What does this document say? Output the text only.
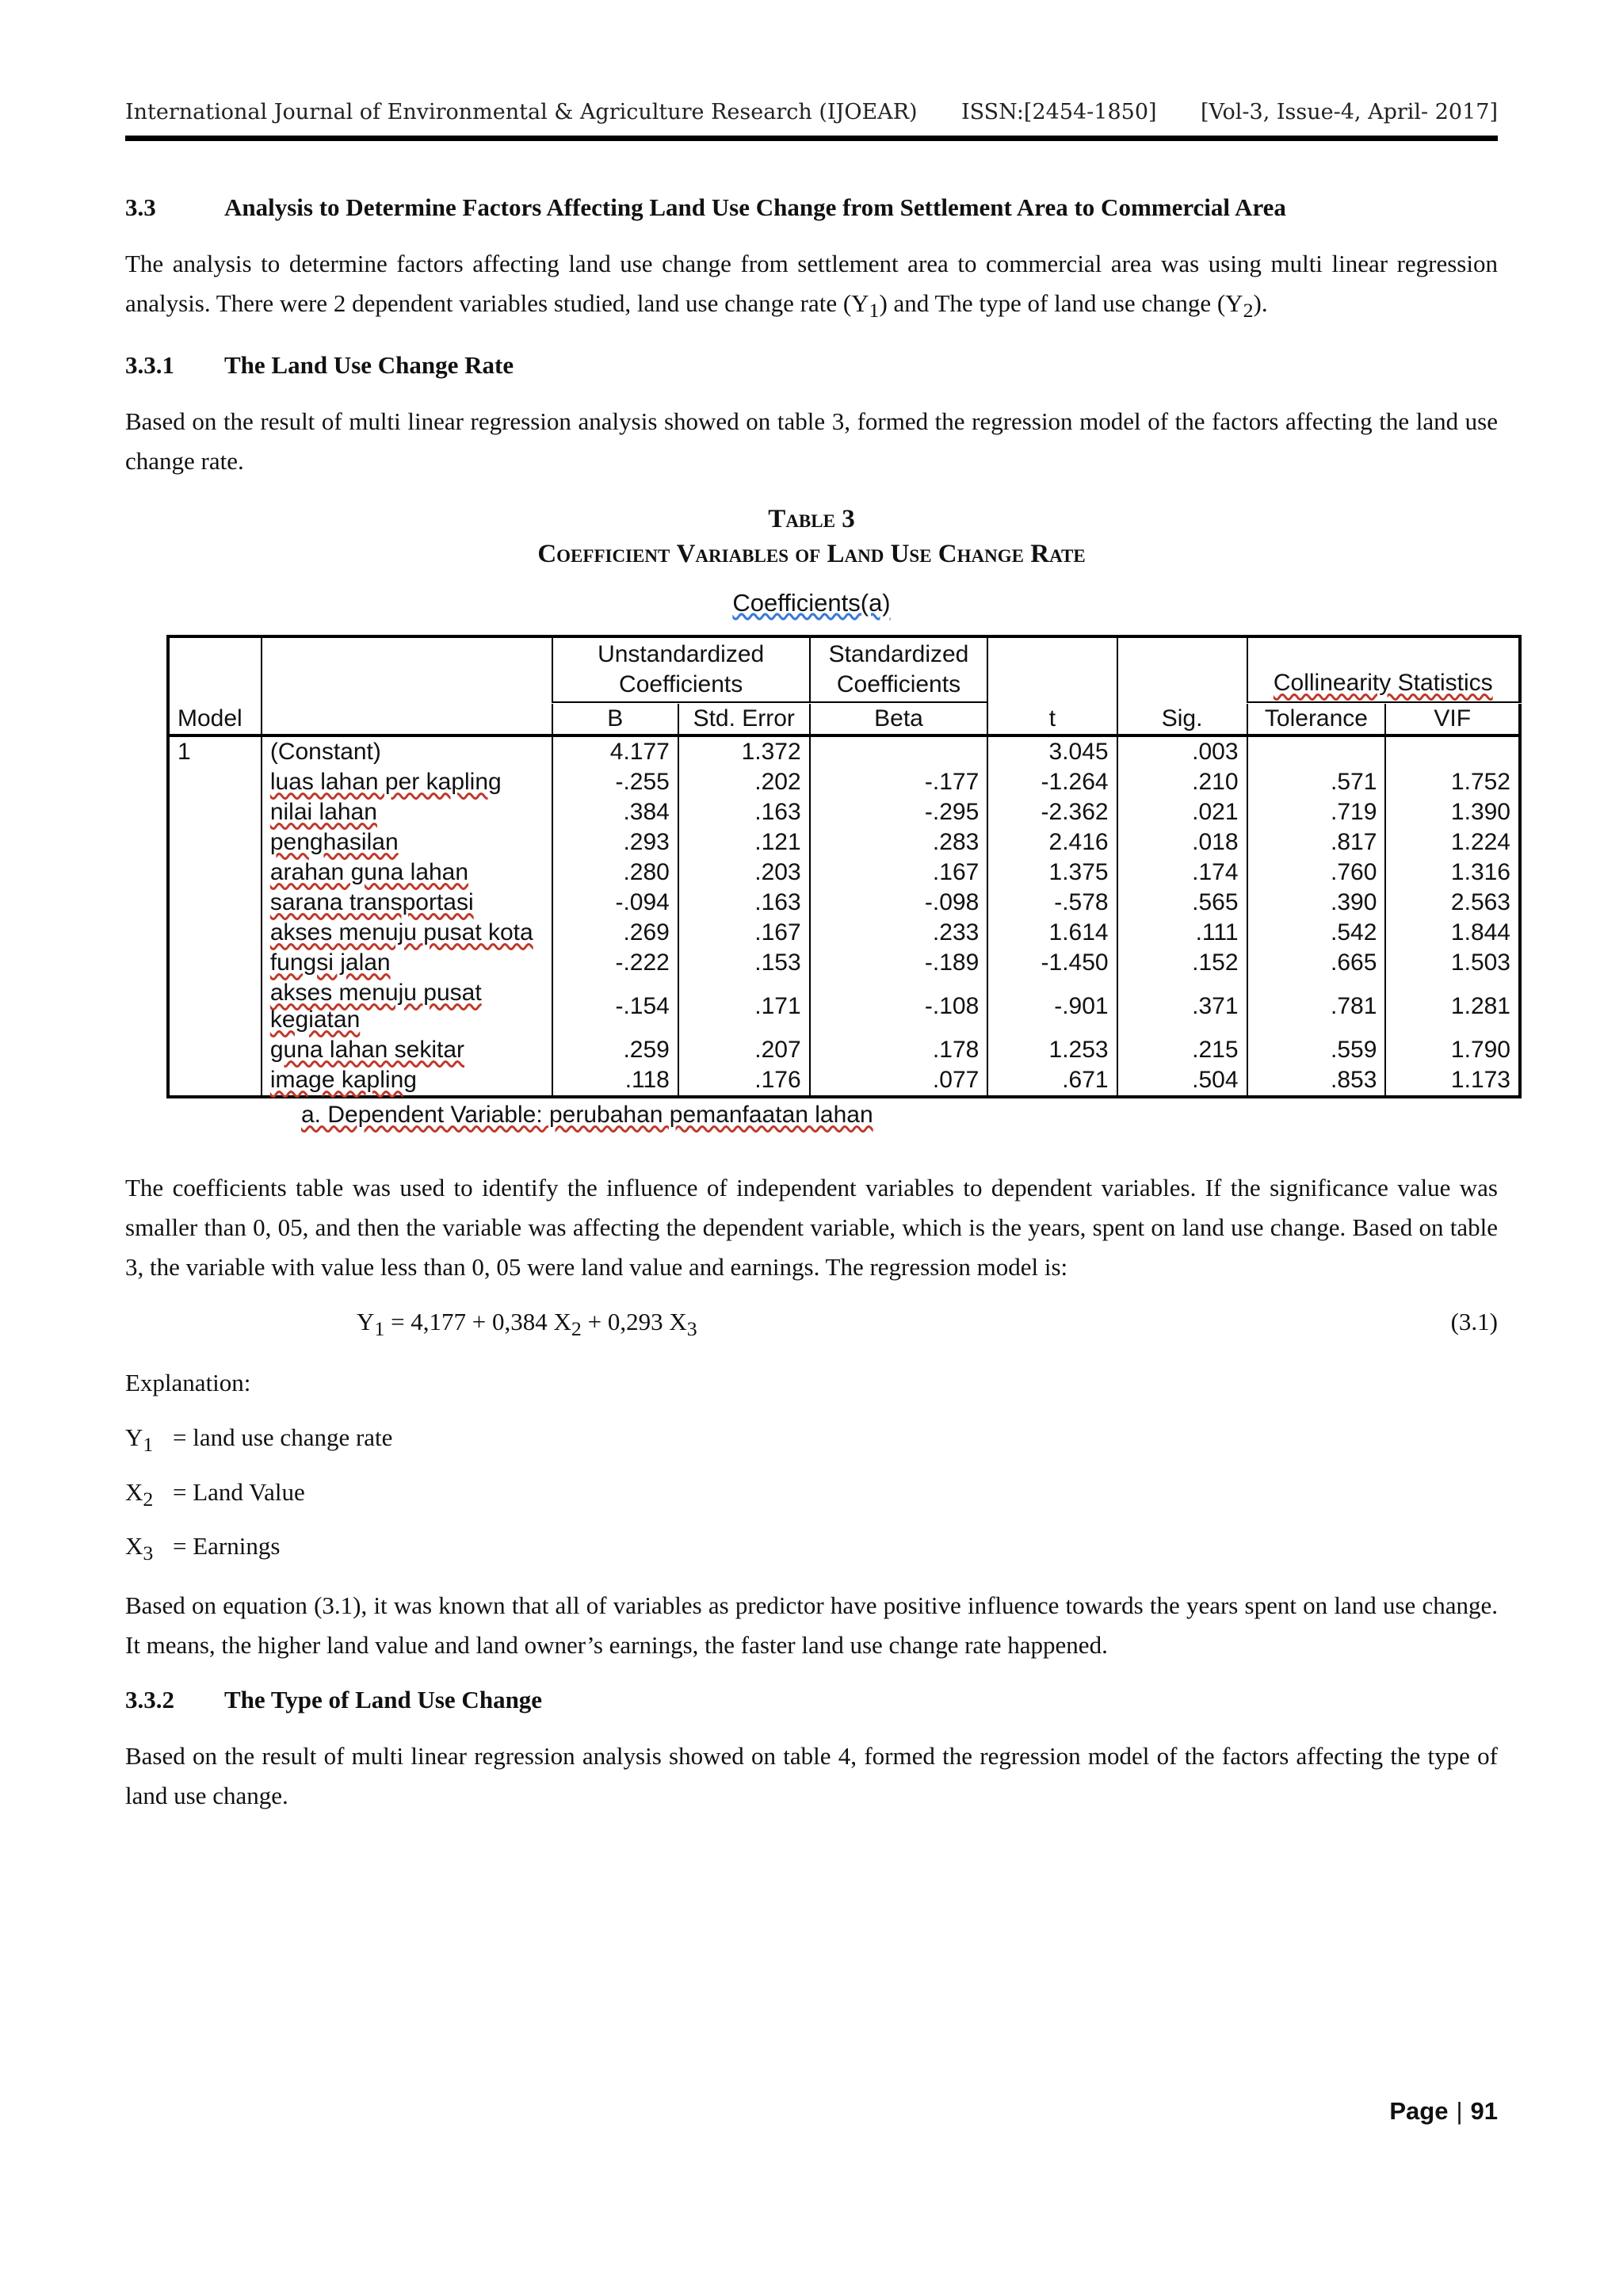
International Journal of Environmental & Agriculture Research (IJOEAR) ISSN:[2454-1850] [Vol-3, Issue-4, April- 2017]
3.3	Analysis to Determine Factors Affecting Land Use Change from Settlement Area to Commercial Area

The analysis to determine factors affecting land use change from settlement area to commercial area was using multi linear regression analysis. There were 2 dependent variables studied, land use change rate $(Y_1)$ and The type of land use change $(Y_2)$.

3.3.1	The Land Use Change Rate

Based on the result of multi linear regression analysis showed on table 3, formed the regression model of the factors affecting the land use change rate.

Table 3
Coefficient Variables of Land Use Change Rate
Coefficients(a)
		Unstandardized Coefficients		Standardized Coefficients			Collinearity Statistics	

Model		B	Std. Error	Beta	t	Sig.	Tolerance	VIF
1	(Constant)	4.177	1.372		3.045	.003		
	luas lahan per kapling	-.255	.202	-.177	-1.264	.210	.571	1.752
	nilai lahan	.384	.163	-.295	-2.362	.021	.719	1.390
	penghasilan	.293	.121	.283	2.416	.018	.817	1.224
	arahan guna lahan	.280	.203	.167	1.375	.174	.760	1.316
	sarana transportasi	-.094	.163	-.098	-.578	.565	.390	2.563
	akses menuju pusat kota	.269	.167	.233	1.614	.111	.542	1.844
	fungsi jalan	-.222	.153	-.189	-1.450	.152	.665	1.503
	akses menuju pusat kegiatan	-.154	.171	-.108	-.901	.371	.781	1.281
	guna lahan sekitar	.259	.207	.178	1.253	.215	.559	1.790
	image kapling	.118	.176	.077	.671	.504	.853	1.173
a. Dependent Variable: perubahan pemanfaatan lahan

The coefficients table was used to identify the influence of independent variables to dependent variables. If the significance value was smaller than 0, 05, and then the variable was affecting the dependent variable, which is the years, spent on land use change. Based on table 3, the variable with value less than 0, 05 were land value and earnings. The regression model is:

$Y_1 = 4,177 + 0,384$ $X_2 + 0,293$ $X_3$	(3.1)

Explanation:

$Y_1$ = land use change rate
$X_2$ = Land Value
$X_3$ = Earnings

Based on equation (3.1), it was known that all of variables as predictor have positive influence towards the years spent on land use change. It means, the higher land value and land owner’s earnings, the faster land use change rate happened.

3.3.2	The Type of Land Use Change

Based on the result of multi linear regression analysis showed on table 4, formed the regression model of the factors affecting the type of land use change.

Page | 91
